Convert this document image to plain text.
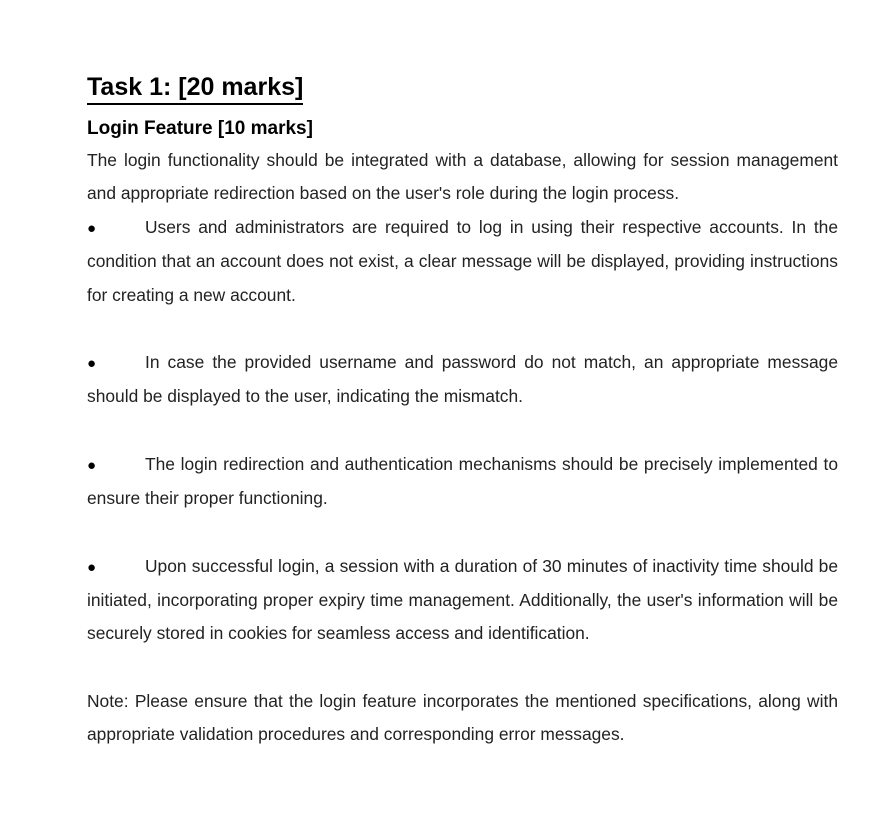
Task 1: [20 marks]
Login Feature [10 marks]

The login functionality should be integrated with a database, allowing for session management and appropriate redirection based on the user's role during the login process.

●	Users and administrators are required to log in using their respective accounts. In the condition that an account does not exist, a clear message will be displayed, providing instructions for creating a new account.

●	In case the provided username and password do not match, an appropriate message should be displayed to the user, indicating the mismatch.

●	The login redirection and authentication mechanisms should be precisely implemented to ensure their proper functioning.

●	Upon successful login, a session with a duration of 30 minutes of inactivity time should be initiated, incorporating proper expiry time management. Additionally, the user's information will be securely stored in cookies for seamless access and identification.

Note: Please ensure that the login feature incorporates the mentioned specifications, along with appropriate validation procedures and corresponding error messages.
